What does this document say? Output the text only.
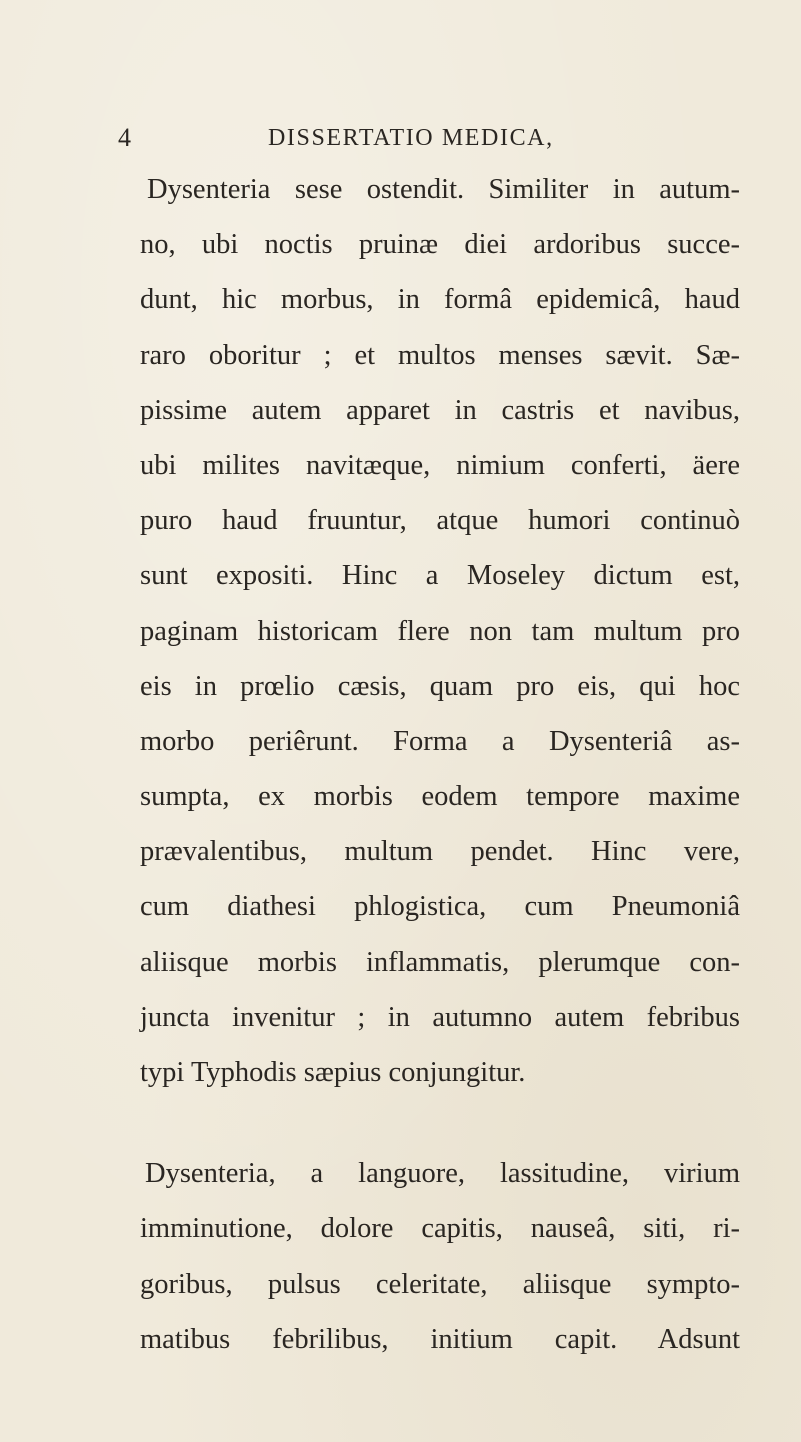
4	DISSERTATIO MEDICA,

Dysenteria sese ostendit. Similiter in autum-
no, ubi noctis pruinæ diei ardoribus succe-
dunt, hic morbus, in formâ epidemicâ, haud
raro oboritur ; et multos menses sævit. Sæ-
pissime autem apparet in castris et navibus,
ubi milites navitæque, nimium conferti, äere
puro haud fruuntur, atque humori continuò
sunt expositi. Hinc a Moseley dictum est,
paginam historicam flere non tam multum pro
eis in prœlio cæsis, quam pro eis, qui hoc
morbo periêrunt. Forma a Dysenteriâ as-
sumpta, ex morbis eodem tempore maxime
prævalentibus, multum pendet. Hinc vere,
cum diathesi phlogistica, cum Pneumoniâ
aliisque morbis inflammatis, plerumque con-
juncta invenitur ; in autumno autem febribus
typi Typhodis sæpius conjungitur.

Dysenteria, a languore, lassitudine, virium
imminutione, dolore capitis, nauseâ, siti, ri-
goribus, pulsus celeritate, aliisque sympto-
matibus febrilibus, initium capit. Adsunt
